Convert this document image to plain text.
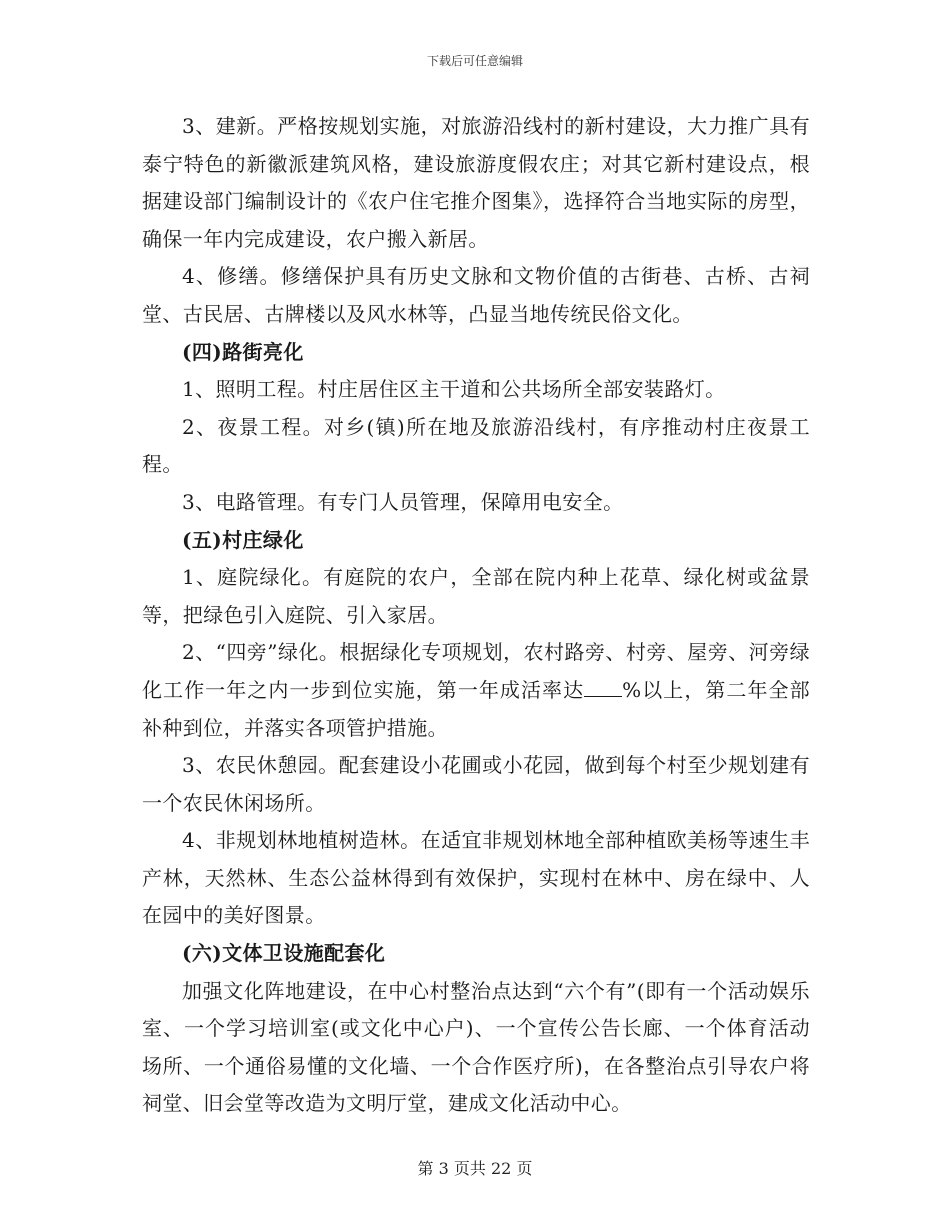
下载后可任意编辑

3、建新。严格按规划实施，对旅游沿线村的新村建设，大力推广具有泰宁特色的新徽派建筑风格，建设旅游度假农庄；对其它新村建设点，根据建设部门编制设计的《农户住宅推介图集》，选择符合当地实际的房型，确保一年内完成建设，农户搬入新居。

4、修缮。修缮保护具有历史文脉和文物价值的古街巷、古桥、古祠堂、古民居、古牌楼以及风水林等，凸显当地传统民俗文化。

(四)路街亮化

1、照明工程。村庄居住区主干道和公共场所全部安装路灯。

2、夜景工程。对乡(镇)所在地及旅游沿线村，有序推动村庄夜景工程。

3、电路管理。有专门人员管理，保障用电安全。

(五)村庄绿化

1、庭院绿化。有庭院的农户，全部在院内种上花草、绿化树或盆景等，把绿色引入庭院、引入家居。

2、“四旁”绿化。根据绿化专项规划，农村路旁、村旁、屋旁、河旁绿化工作一年之内一步到位实施，第一年成活率达 %以上，第二年全部补种到位，并落实各项管护措施。

3、农民休憩园。配套建设小花圃或小花园，做到每个村至少规划建有一个农民休闲场所。

4、非规划林地植树造林。在适宜非规划林地全部种植欧美杨等速生丰产林，天然林、生态公益林得到有效保护，实现村在林中、房在绿中、人在园中的美好图景。

(六)文体卫设施配套化

加强文化阵地建设，在中心村整治点达到“六个有”(即有一个活动娱乐室、一个学习培训室(或文化中心户)、一个宣传公告长廊、一个体育活动场所、一个通俗易懂的文化墙、一个合作医疗所)，在各整治点引导农户将祠堂、旧会堂等改造为文明厅堂，建成文化活动中心。

第 3 页共 22 页
